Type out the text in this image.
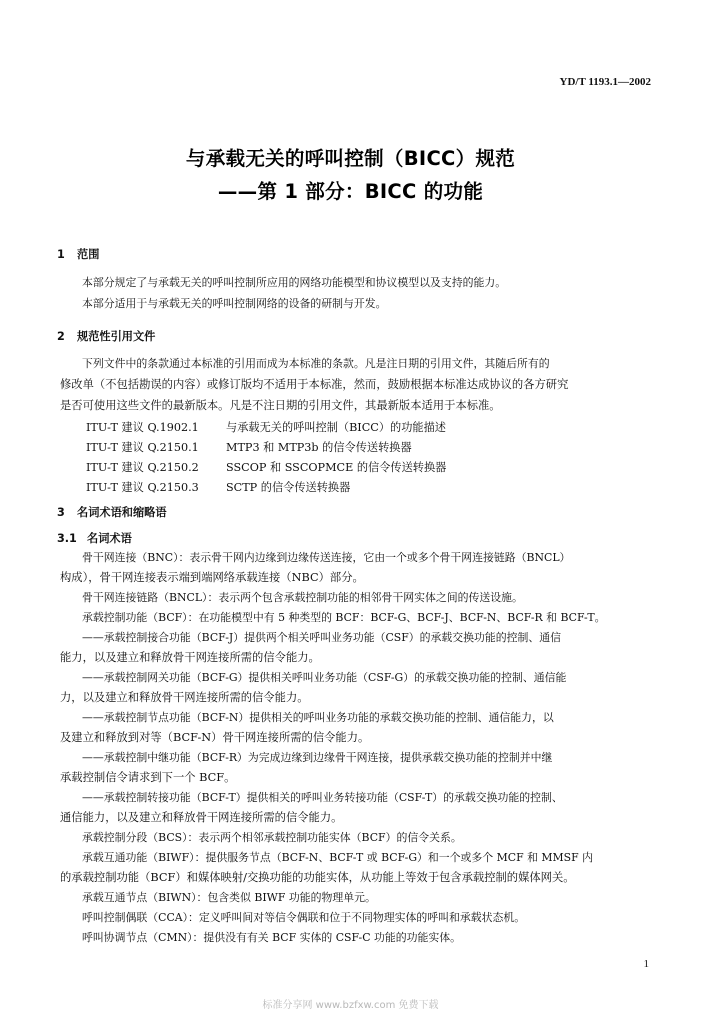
YD/T 1193.1—2002
与承载无关的呼叫控制（BICC）规范
——第 1 部分：BICC 的功能
1 范围
本部分规定了与承载无关的呼叫控制所应用的网络功能模型和协议模型以及支持的能力。
本部分适用于与承载无关的呼叫控制网络的设备的研制与开发。
2 规范性引用文件
下列文件中的条款通过本标准的引用而成为本标准的条款。凡是注日期的引用文件，其随后所有的
修改单（不包括勘误的内容）或修订版均不适用于本标准，然而，鼓励根据本标准达成协议的各方研究
是否可使用这些文件的最新版本。凡是不注日期的引用文件，其最新版本适用于本标准。
ITU-T 建议 Q.1902.1 与承载无关的呼叫控制（BICC）的功能描述
ITU-T 建议 Q.2150.1 MTP3 和 MTP3b 的信令传送转换器
ITU-T 建议 Q.2150.2 SSCOP 和 SSCOPMCE 的信令传送转换器
ITU-T 建议 Q.2150.3 SCTP 的信令传送转换器
3 名词术语和缩略语
3.1 名词术语
骨干网连接（BNC）：表示骨干网内边缘到边缘传送连接，它由一个或多个骨干网连接链路（BNCL）
构成），骨干网连接表示端到端网络承载连接（NBC）部分。
骨干网连接链路（BNCL）：表示两个包含承载控制功能的相邻骨干网实体之间的传送设施。
承载控制功能（BCF）：在功能模型中有 5 种类型的 BCF：BCF-G、BCF-J、BCF-N、BCF-R 和 BCF-T。
——承载控制接合功能（BCF-J）提供两个相关呼叫业务功能（CSF）的承载交换功能的控制、通信
能力，以及建立和释放骨干网连接所需的信令能力。
——承载控制网关功能（BCF-G）提供相关呼叫业务功能（CSF-G）的承载交换功能的控制、通信能
力，以及建立和释放骨干网连接所需的信令能力。
——承载控制节点功能（BCF-N）提供相关的呼叫业务功能的承载交换功能的控制、通信能力，以
及建立和释放到对等（BCF-N）骨干网连接所需的信令能力。
——承载控制中继功能（BCF-R）为完成边缘到边缘骨干网连接，提供承载交换功能的控制并中继
承载控制信令请求到下一个 BCF。
——承载控制转接功能（BCF-T）提供相关的呼叫业务转接功能（CSF-T）的承载交换功能的控制、
通信能力，以及建立和释放骨干网连接所需的信令能力。
承载控制分段（BCS）：表示两个相邻承载控制功能实体（BCF）的信令关系。
承载互通功能（BIWF）：提供服务节点（BCF-N、BCF-T 或 BCF-G）和一个或多个 MCF 和 MMSF 内
的承载控制功能（BCF）和媒体映射/交换功能的功能实体，从功能上等效于包含承载控制的媒体网关。
承载互通节点（BIWN）：包含类似 BIWF 功能的物理单元。
呼叫控制偶联（CCA）：定义呼叫间对等信令偶联和位于不同物理实体的呼叫和承载状态机。
呼叫协调节点（CMN）：提供没有有关 BCF 实体的 CSF-C 功能的功能实体。
1
标准分享网 www.bzfxw.com 免费下载
